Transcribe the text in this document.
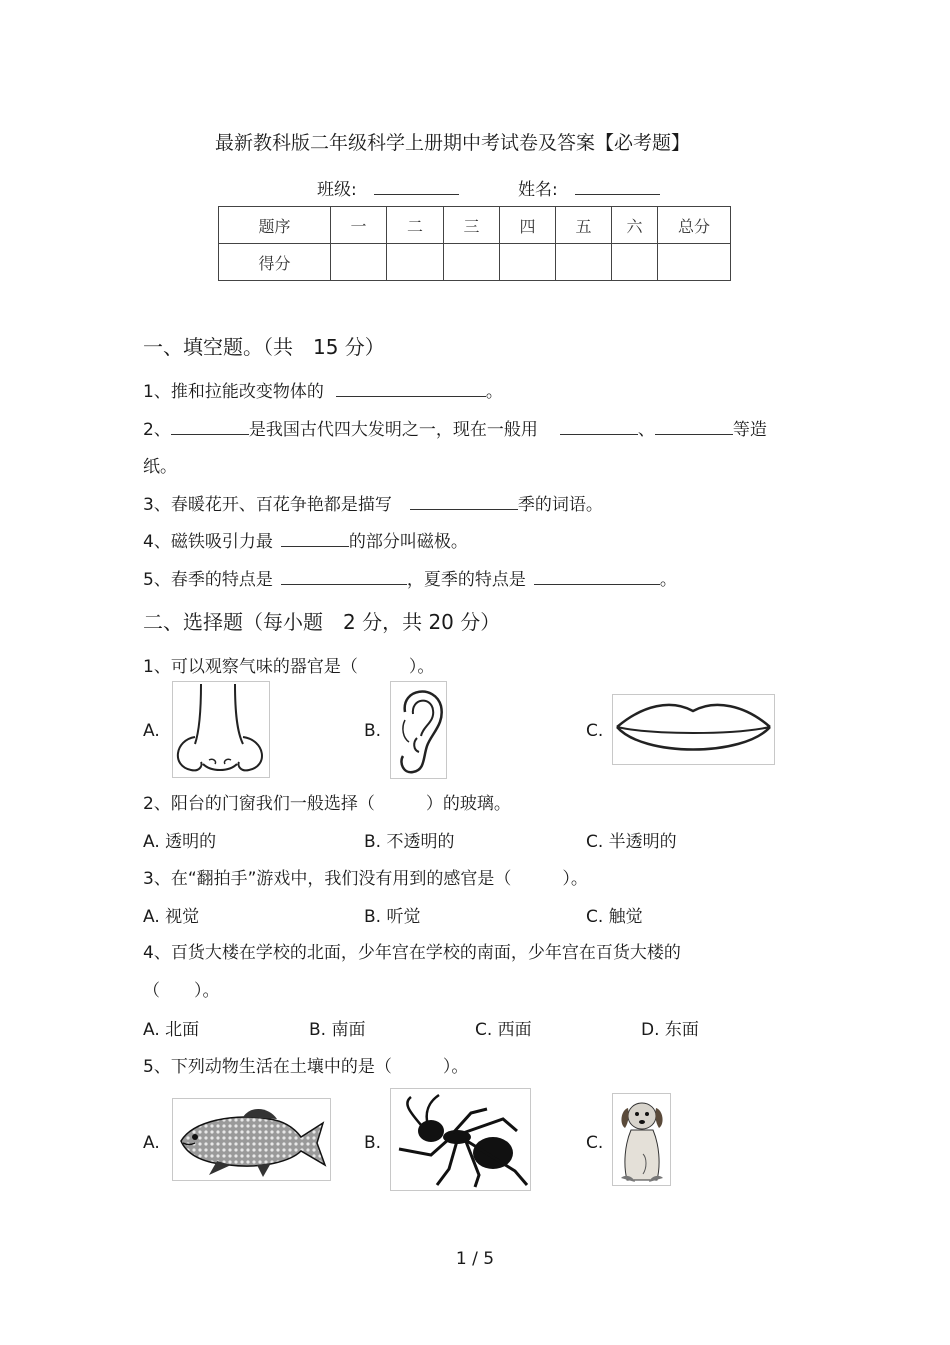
最新教科版二年级科学上册期中考试卷及答案【必考题】
班级:	姓名:
题序	一	二	三	四	五	六	总分
得分							
一、填空题。（共　15 分）
1、推和拉能改变物体的	。
2、	是我国古代四大发明之一，现在一般用	、	等造
纸。
3、春暖花开、百花争艳都是描写	季的词语。
4、磁铁吸引力最	的部分叫磁极。
5、春季的特点是	，夏季的特点是	。
二、选择题（每小题　2 分，共 20 分）
1、可以观察气味的器官是（　　　）。
A.	B.	C.
2、阳台的门窗我们一般选择（　　　）的玻璃。
A. 透明的	B. 不透明的	C. 半透明的
3、在“翻拍手”游戏中，我们没有用到的感官是（　　　）。
A. 视觉	B. 听觉	C. 触觉
4、百货大楼在学校的北面，少年宫在学校的南面，少年宫在百货大楼的
（　　）。
A. 北面	B. 南面	C. 西面	D. 东面
5、下列动物生活在土壤中的是（　　　）。
A.	B.	C.
1 / 5
